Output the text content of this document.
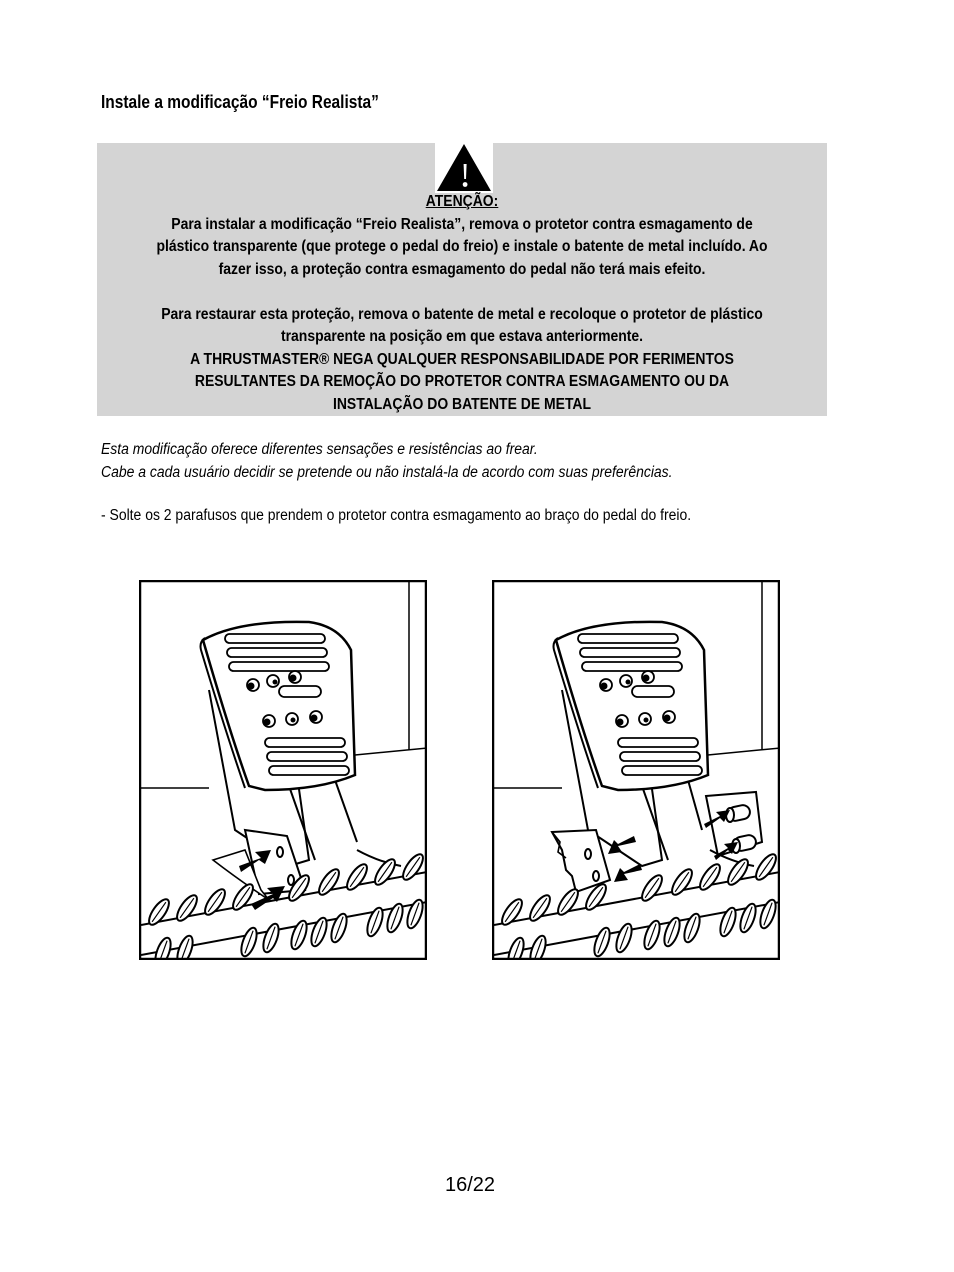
Instale a modificação “Freio Realista”

ATENÇÃO:

Para instalar a modificação “Freio Realista”, remova o protetor contra esmagamento de

plástico transparente (que protege o pedal do freio) e instale o batente de metal incluído. Ao

fazer isso, a proteção contra esmagamento do pedal não terá mais efeito.

Para restaurar esta proteção, remova o batente de metal e recoloque o protetor de plástico

transparente na posição em que estava anteriormente.

A THRUSTMASTER® NEGA QUALQUER RESPONSABILIDADE POR FERIMENTOS

RESULTANTES DA REMOÇÃO DO PROTETOR CONTRA ESMAGAMENTO OU DA

INSTALAÇÃO DO BATENTE DE METAL

Esta modificação oferece diferentes sensações e resistências ao frear.

Cabe a cada usuário decidir se pretende ou não instalá-la de acordo com suas preferências.

- Solte os 2 parafusos que prendem o protetor contra esmagamento ao braço do pedal do freio.

16/22
